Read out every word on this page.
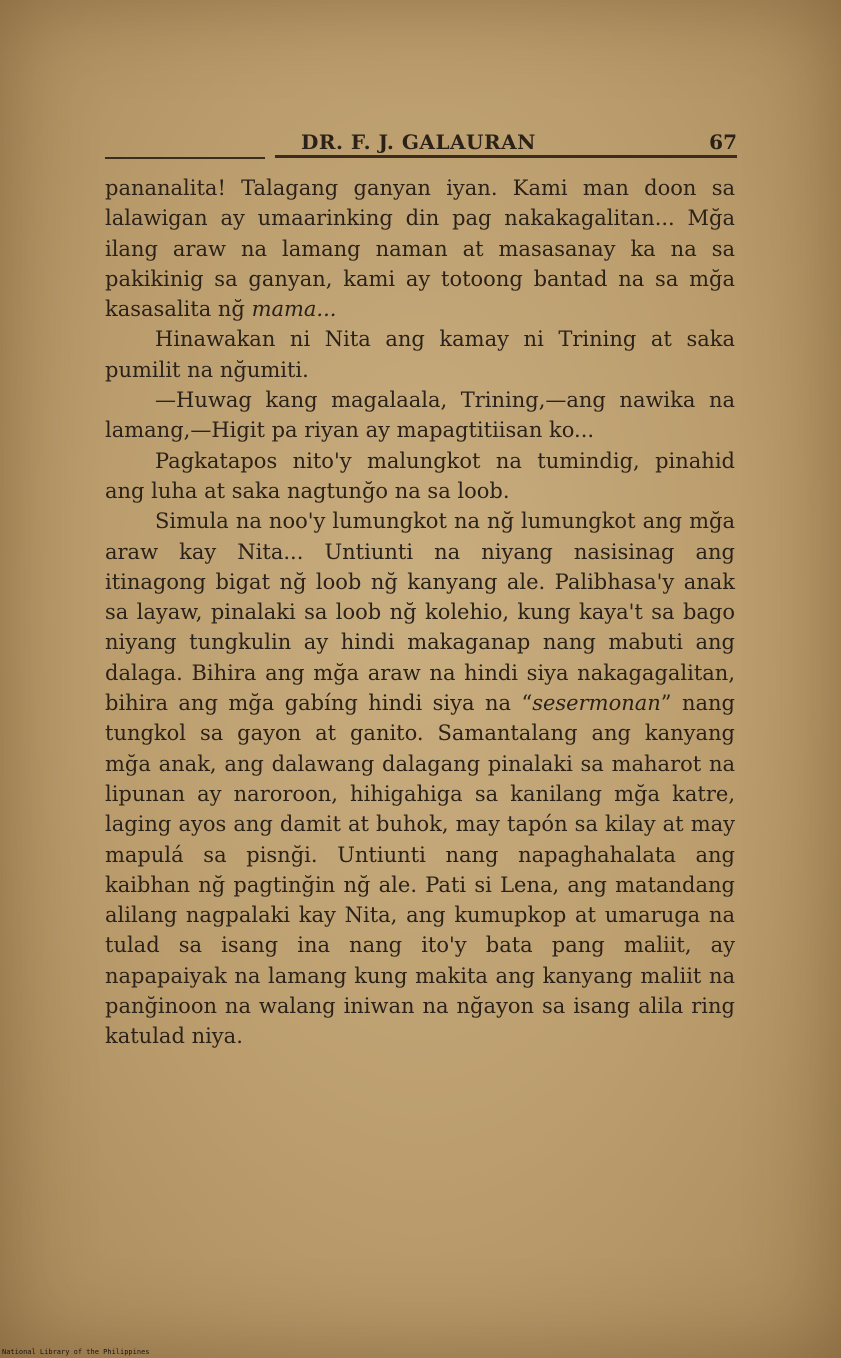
DR. F. J. GALAURAN	67

pananalita! Talagang ganyan iyan. Kami man doon sa lalawigan ay umaarinking din pag nakakagalitan... Mğa ilang araw na lamang naman at masasanay ka na sa pakikinig sa ganyan, kami ay totoong bantad na sa mğa kasasalita nğ mama...

Hinawakan ni Nita ang kamay ni Trining at saka pumilit na nğumiti.

—Huwag kang magalaala, Trining,—ang nawika na lamang,—Higit pa riyan ay mapagtitiisan ko...

Pagkatapos nito'y malungkot na tumindig, pinahid ang luha at saka nagtunğo na sa loob.

Simula na noo'y lumungkot na nğ lumungkot ang mğa araw kay Nita... Untiunti na niyang nasisinag ang itinagong bigat nğ loob nğ kanyang ale. Palibhasa'y anak sa layaw, pinalaki sa loob nğ kolehio, kung kaya't sa bago niyang tungkulin ay hindi makaganap nang mabuti ang dalaga. Bihira ang mğa araw na hindi siya nakagagalitan, bihira ang mğa gabíng hindi siya na “sesermonan” nang tungkol sa gayon at ganito. Samantalang ang kanyang mğa anak, ang dalawang dalagang pinalaki sa maharot na lipunan ay naroroon, hihigahiga sa kanilang mğa katre, laging ayos ang damit at buhok, may tapón sa kilay at may mapulá sa pisnği. Untiunti nang napaghahalata ang kaibhan nğ pagtinğin nğ ale. Pati si Lena, ang matandang alilang nagpalaki kay Nita, ang kumupkop at umaruga na tulad sa isang ina nang ito'y bata pang maliit, ay napapaiyak na lamang kung makita ang kanyang maliit na panğinoon na walang iniwan na nğayon sa isang alila ring katulad niya.

National Library of the Philippines
